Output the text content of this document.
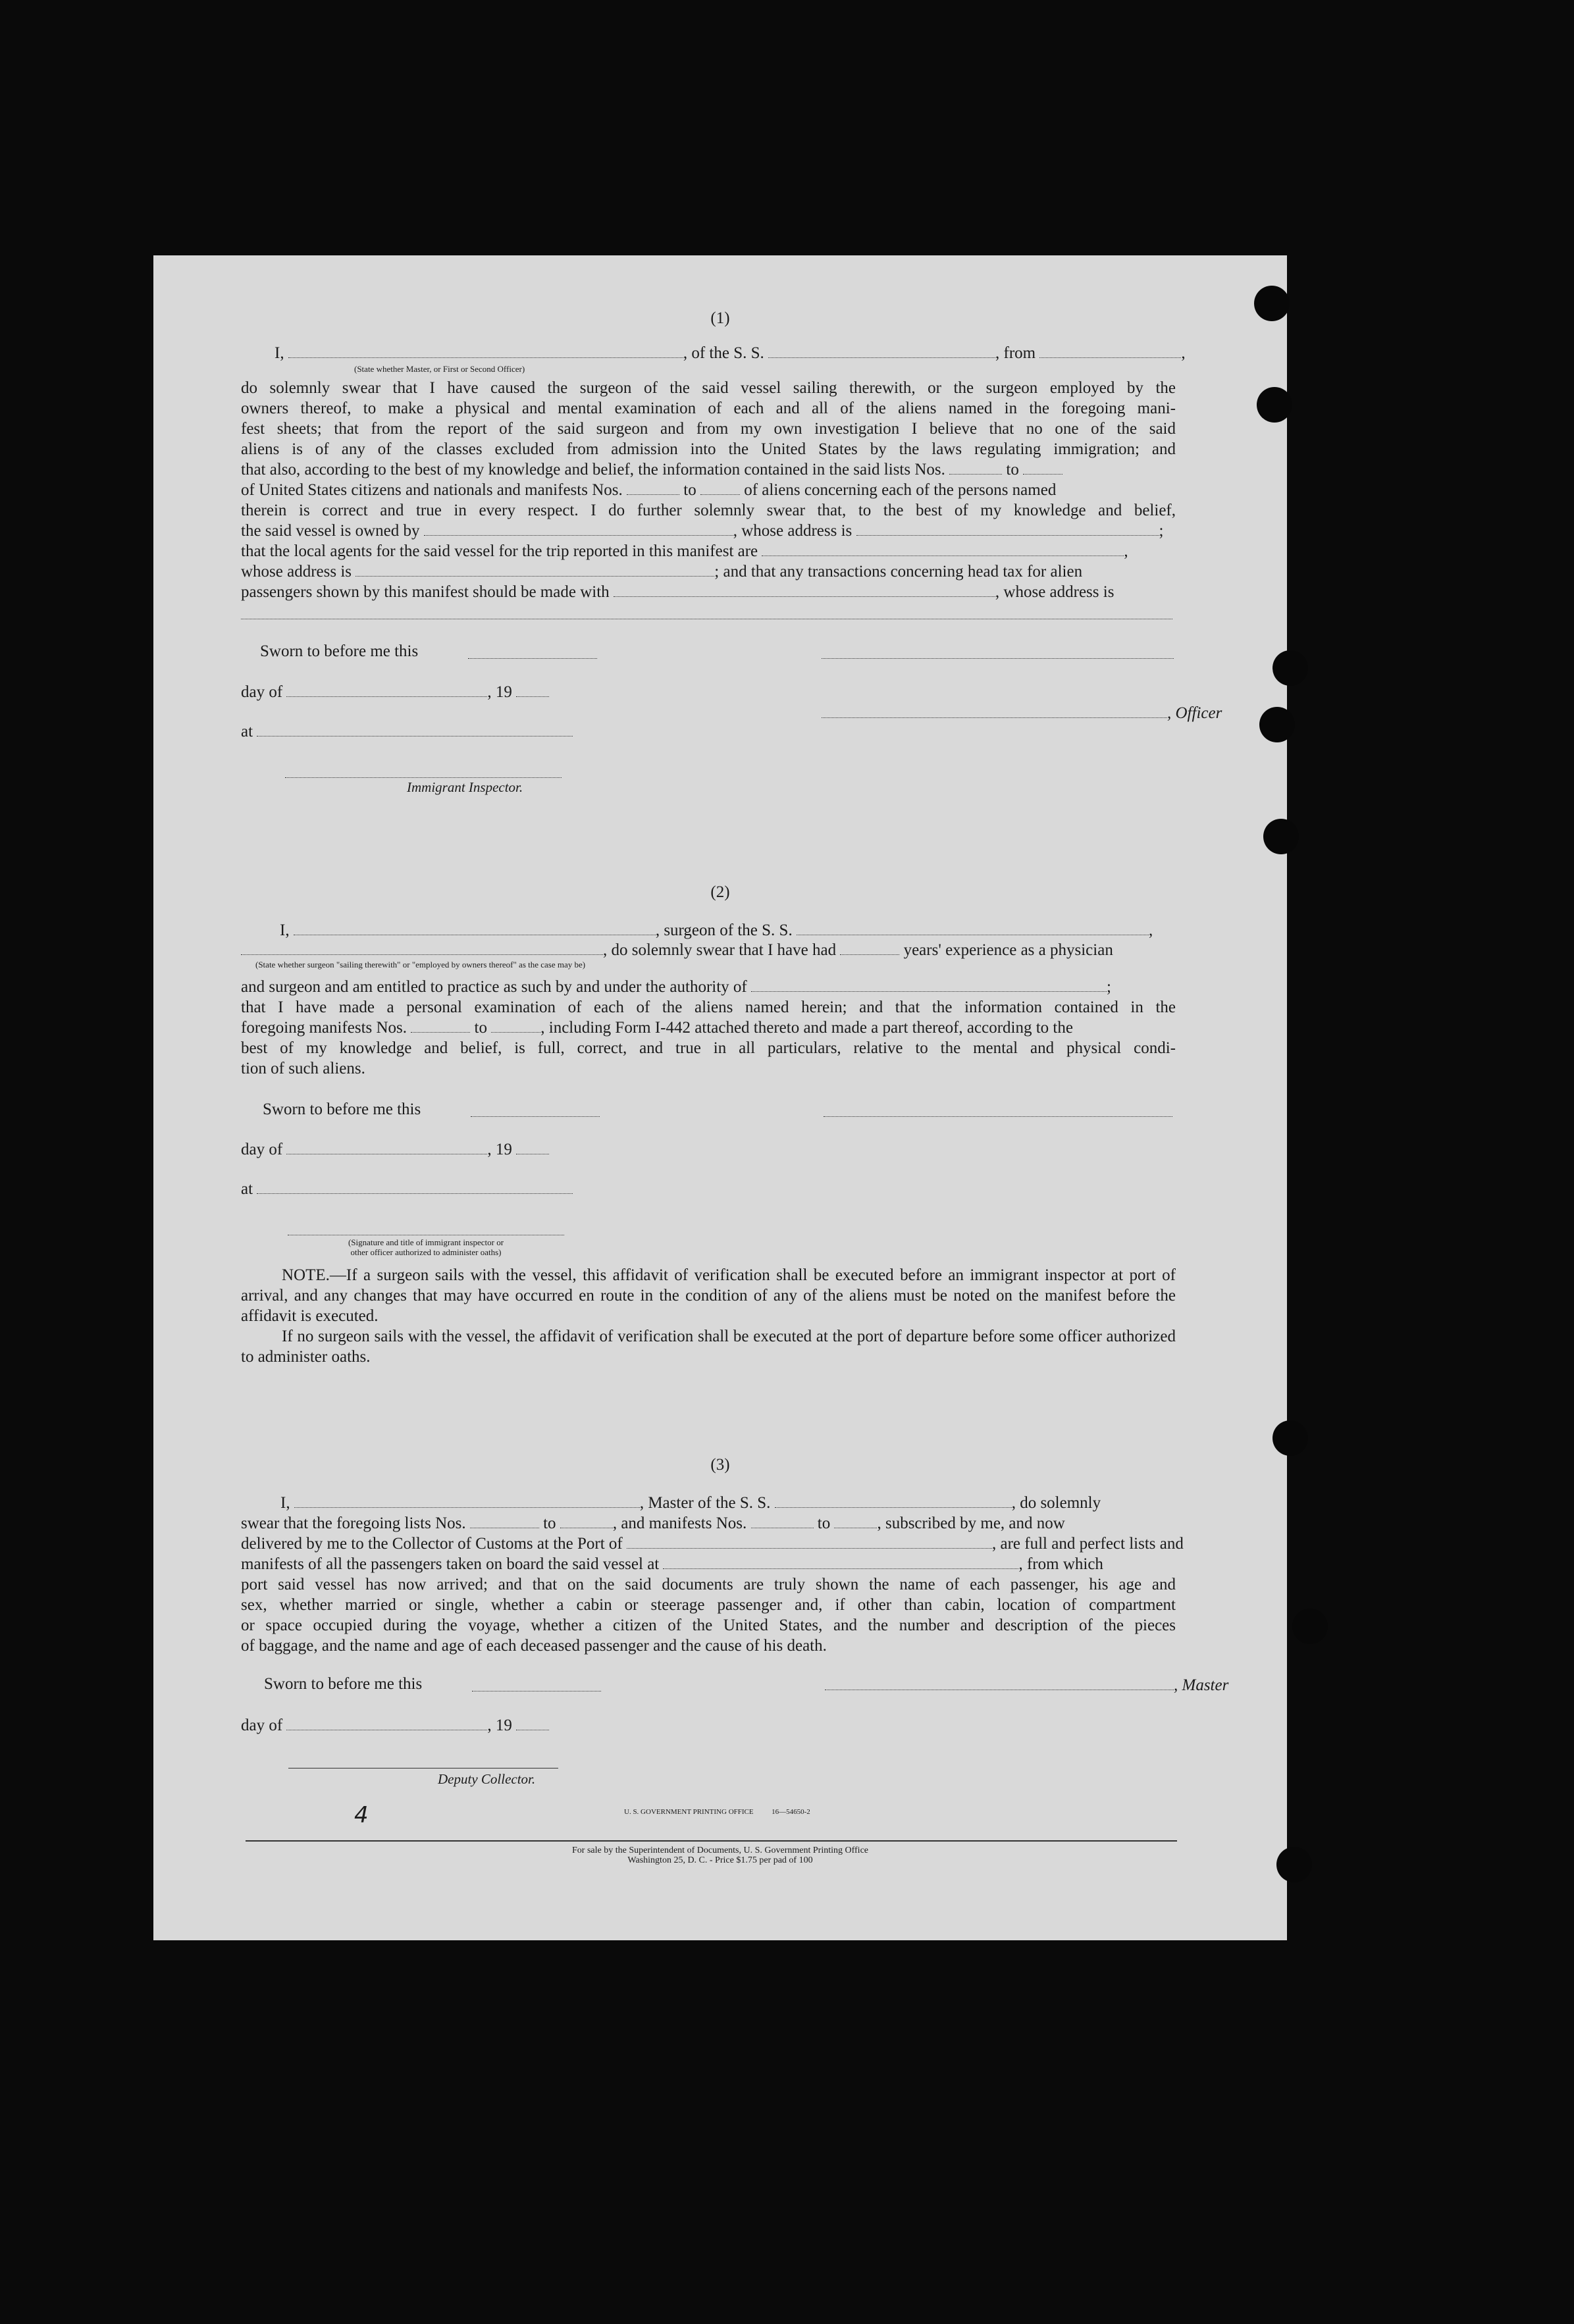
(1)
I,	, of the S. S.	, from	,
(State whether Master, or First or Second Officer)
do solemnly swear that I have caused the surgeon of the said vessel sailing therewith, or the surgeon employed by the
owners thereof, to make a physical and mental examination of each and all of the aliens named in the foregoing mani-
fest sheets; that from the report of the said surgeon and from my own investigation I believe that no one of the said
aliens is of any of the classes excluded from admission into the United States by the laws regulating immigration; and
that also, according to the best of my knowledge and belief, the information contained in the said lists Nos.	to
of United States citizens and nationals and manifests Nos.	to	of aliens concerning each of the persons named
therein is correct and true in every respect. I do further solemnly swear that, to the best of my knowledge and belief,
the said vessel is owned by	, whose address is	;
that the local agents for the said vessel for the trip reported in this manifest are	,
whose address is	; and that any transactions concerning head tax for alien
passengers shown by this manifest should be made with	, whose address is
Sworn to before me this
day of	, 19
, Officer
at
Immigrant Inspector.
(2)
I,	, surgeon of the S. S.	,
, do solemnly swear that I have had	years' experience as a physician
(State whether surgeon "sailing therewith" or "employed by owners thereof" as the case may be)
and surgeon and am entitled to practice as such by and under the authority of	;
that I have made a personal examination of each of the aliens named herein; and that the information contained in the
foregoing manifests Nos.	to	, including Form I-442 attached thereto and made a part thereof, according to the
best of my knowledge and belief, is full, correct, and true in all particulars, relative to the mental and physical condi-
tion of such aliens.
Sworn to before me this
day of	, 19
at
(Signature and title of immigrant inspector or
other officer authorized to administer oaths)
NOTE.—If a surgeon sails with the vessel, this affidavit of verification shall be executed before an immigrant inspector at port of arrival, and any changes that may have occurred en route in the condition of any of the aliens must be noted on the manifest before the affidavit is executed.
If no surgeon sails with the vessel, the affidavit of verification shall be executed at the port of departure before some officer authorized to administer oaths.
(3)
I,	, Master of the S. S.	, do solemnly
swear that the foregoing lists Nos.	to	, and manifests Nos.	to	, subscribed by me, and now
delivered by me to the Collector of Customs at the Port of	, are full and perfect lists and
manifests of all the passengers taken on board the said vessel at	, from which
port said vessel has now arrived; and that on the said documents are truly shown the name of each passenger, his age and
sex, whether married or single, whether a cabin or steerage passenger and, if other than cabin, location of compartment
or space occupied during the voyage, whether a citizen of the United States, and the number and description of the pieces
of baggage, and the name and age of each deceased passenger and the cause of his death.
Sworn to before me this	, Master
day of	, 19
Deputy Collector.
4	U. S. GOVERNMENT PRINTING OFFICE          16—54650-2
For sale by the Superintendent of Documents, U. S. Government Printing Office
Washington 25, D. C. - Price $1.75 per pad of 100
